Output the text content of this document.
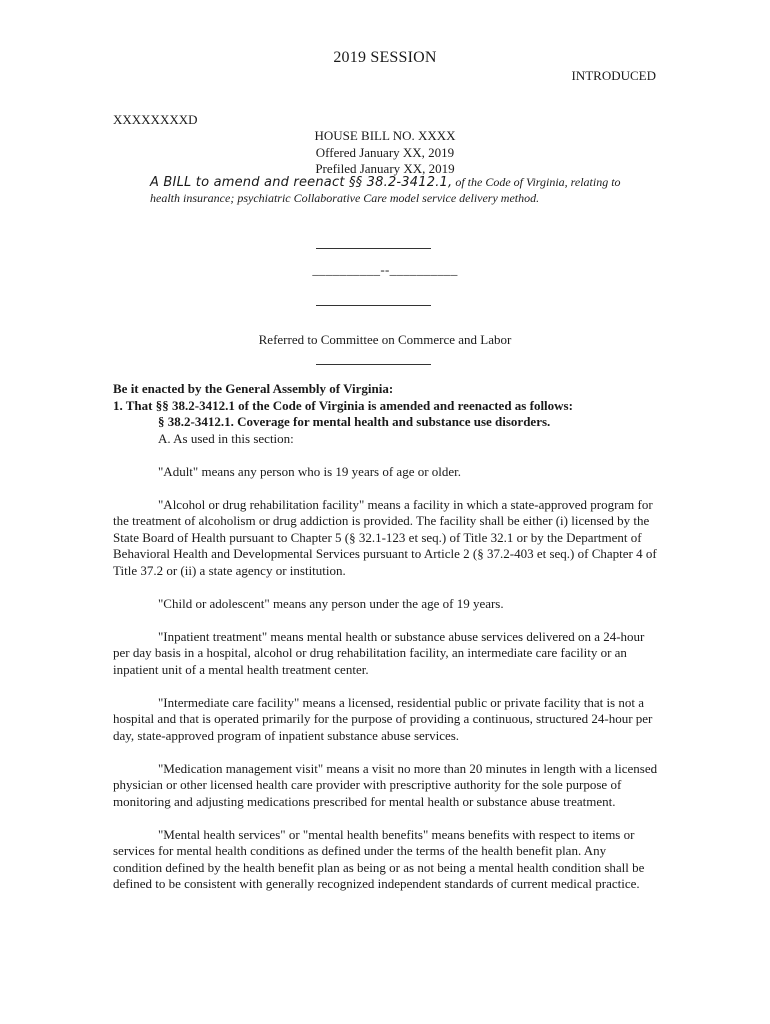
2019 SESSION
INTRODUCED
XXXXXXXXD
HOUSE BILL NO. XXXX
Offered January XX, 2019
Prefiled January XX, 2019
A BILL to amend and reenact §§ 38.2-3412.1, of the Code of Virginia, relating to health insurance; psychiatric Collaborative Care model service delivery method.
__________--__________
Referred to Committee on Commerce and Labor

Be it enacted by the General Assembly of Virginia:

1. That §§ 38.2-3412.1 of the Code of Virginia is amended and reenacted as follows:

§ 38.2-3412.1. Coverage for mental health and substance use disorders.

A. As used in this section:

"Adult" means any person who is 19 years of age or older.

"Alcohol or drug rehabilitation facility" means a facility in which a state-approved program for the treatment of alcoholism or drug addiction is provided. The facility shall be either (i) licensed by the State Board of Health pursuant to Chapter 5 (§ 32.1-123 et seq.) of Title 32.1 or by the Department of Behavioral Health and Developmental Services pursuant to Article 2 (§ 37.2-403 et seq.) of Chapter 4 of Title 37.2 or (ii) a state agency or institution.

"Child or adolescent" means any person under the age of 19 years.

"Inpatient treatment" means mental health or substance abuse services delivered on a 24-hour per day basis in a hospital, alcohol or drug rehabilitation facility, an intermediate care facility or an inpatient unit of a mental health treatment center.

"Intermediate care facility" means a licensed, residential public or private facility that is not a hospital and that is operated primarily for the purpose of providing a continuous, structured 24-hour per day, state-approved program of inpatient substance abuse services.

"Medication management visit" means a visit no more than 20 minutes in length with a licensed physician or other licensed health care provider with prescriptive authority for the sole purpose of monitoring and adjusting medications prescribed for mental health or substance abuse treatment.

"Mental health services" or "mental health benefits" means benefits with respect to items or services for mental health conditions as defined under the terms of the health benefit plan. Any condition defined by the health benefit plan as being or as not being a mental health condition shall be defined to be consistent with generally recognized independent standards of current medical practice.
